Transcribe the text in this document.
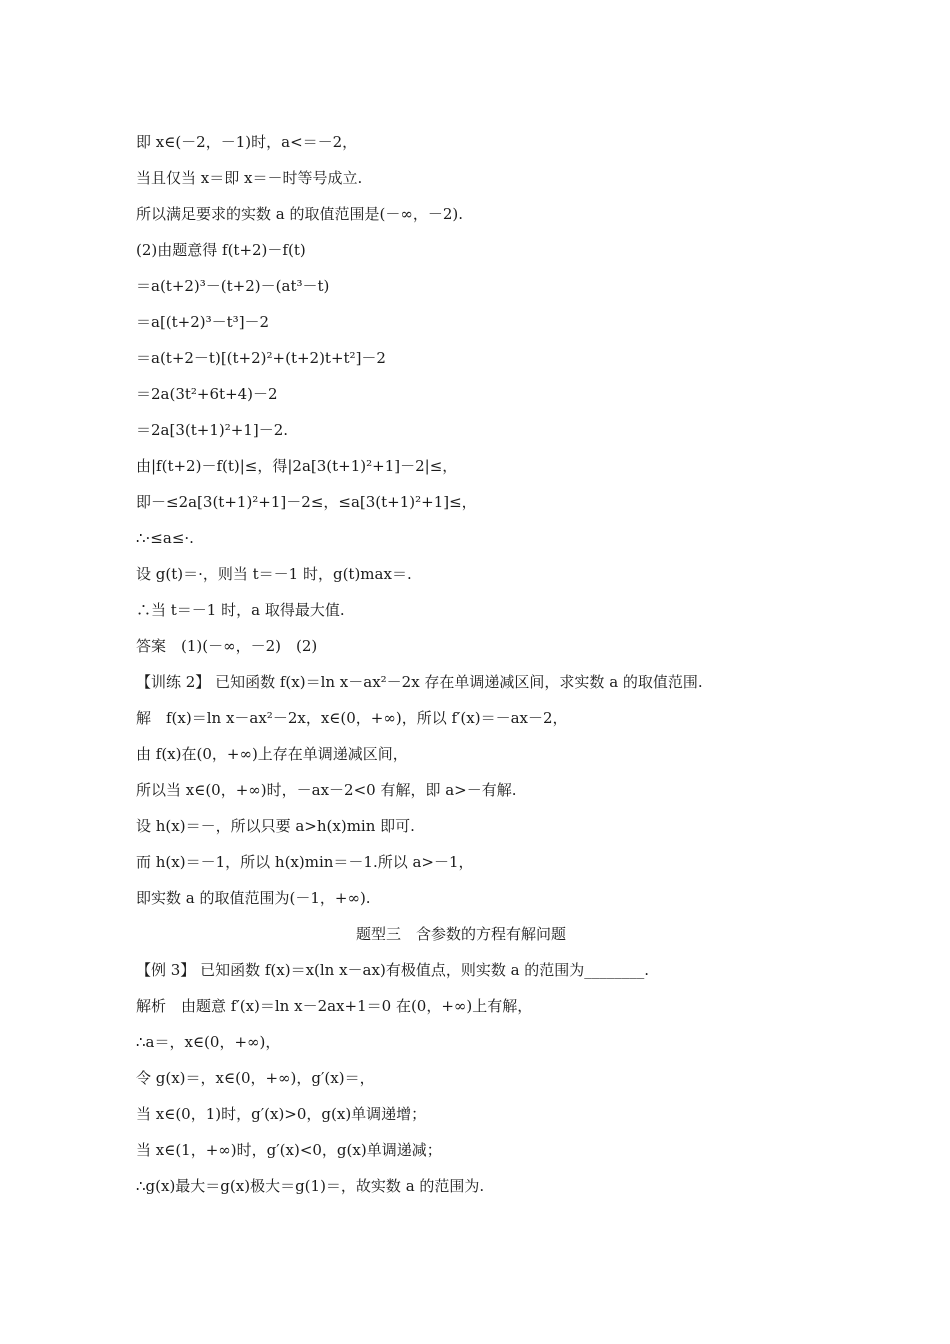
即 x∈(－2，－1)时，a<＝－2，
当且仅当 x＝即 x＝－时等号成立.
所以满足要求的实数 a 的取值范围是(－∞，－2).
(2)由题意得 f(t+2)－f(t)
＝a(t+2)³－(t+2)－(at³－t)
＝a[(t+2)³－t³]－2
＝a(t+2－t)[(t+2)²+(t+2)t+t²]－2
＝2a(3t²+6t+4)－2
＝2a[3(t+1)²+1]－2.
由|f(t+2)－f(t)|≤，得|2a[3(t+1)²+1]－2|≤，
即－≤2a[3(t+1)²+1]－2≤，≤a[3(t+1)²+1]≤，
∴·≤a≤·.
设 g(t)＝·，则当 t＝－1 时，g(t)max＝.
∴当 t＝－1 时，a 取得最大值.
答案　(1)(－∞，－2)　(2)
【训练 2】 已知函数 f(x)＝ln x－ax²－2x 存在单调递减区间，求实数 a 的取值范围.
解　f(x)＝ln x－ax²－2x，x∈(0，+∞)，所以 f′(x)＝－ax－2，
由 f(x)在(0，+∞)上存在单调递减区间，
所以当 x∈(0，+∞)时，－ax－2<0 有解，即 a>－有解.
设 h(x)＝－，所以只要 a>h(x)min 即可.
而 h(x)＝－1，所以 h(x)min＝－1.所以 a>－1，
即实数 a 的取值范围为(－1，+∞).
题型三　含参数的方程有解问题
【例 3】 已知函数 f(x)＝x(ln x－ax)有极值点，则实数 a 的范围为________.
解析　由题意 f′(x)＝ln x－2ax+1＝0 在(0，+∞)上有解，
∴a＝，x∈(0，+∞)，
令 g(x)＝，x∈(0，+∞)，g′(x)＝，
当 x∈(0，1)时，g′(x)>0，g(x)单调递增；
当 x∈(1，+∞)时，g′(x)<0，g(x)单调递减；
∴g(x)最大＝g(x)极大＝g(1)＝，故实数 a 的范围为.
